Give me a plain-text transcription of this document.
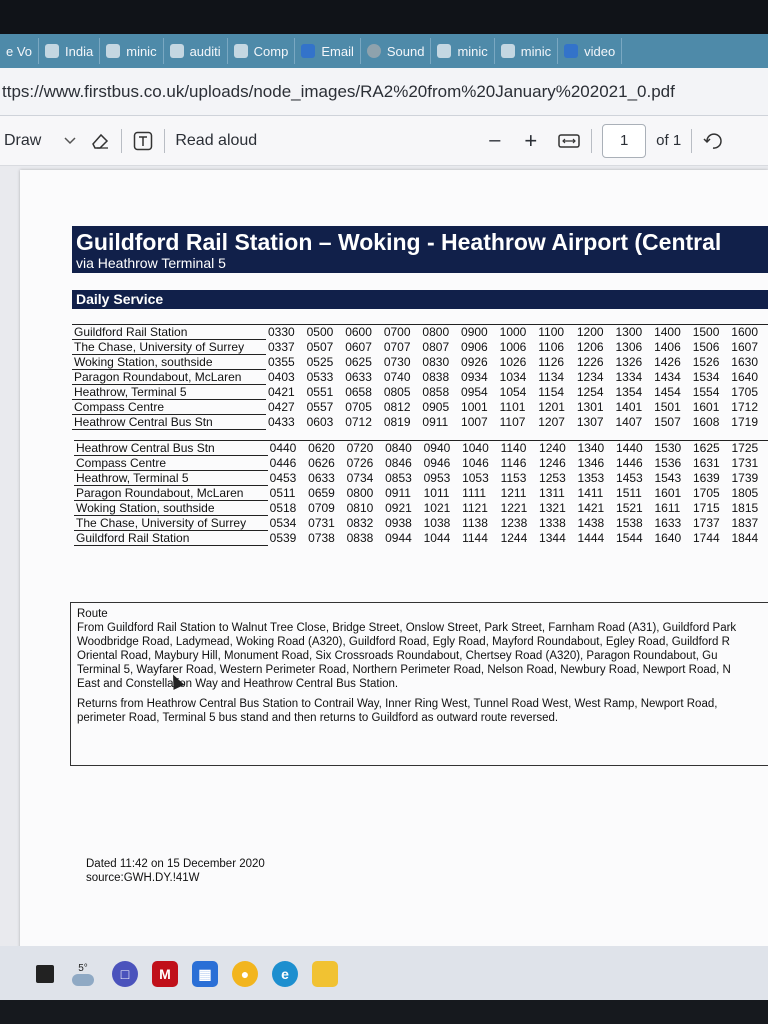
e Vo	India	minic	auditi	Comp	Email	Sound	minic	minic	video
ttps://www.firstbus.co.uk/uploads/node_images/RA2%20from%20January%202021_0.pdf
Draw	Read aloud	– +	1 of 1
Guildford Rail Station – Woking - Heathrow Airport (Central
via Heathrow Terminal 5
Daily Service
Guildford Rail Station	0330	0500	0600	0700	0800	0900	1000	1100	1200	1300	1400	1500	1600
The Chase, University of Surrey	0337	0507	0607	0707	0807	0906	1006	1106	1206	1306	1406	1506	1607
Woking Station, southside	0355	0525	0625	0730	0830	0926	1026	1126	1226	1326	1426	1526	1630
Paragon Roundabout, McLaren	0403	0533	0633	0740	0838	0934	1034	1134	1234	1334	1434	1534	1640
Heathrow, Terminal 5	0421	0551	0658	0805	0858	0954	1054	1154	1254	1354	1454	1554	1705
Compass Centre	0427	0557	0705	0812	0905	1001	1101	1201	1301	1401	1501	1601	1712
Heathrow Central Bus Stn	0433	0603	0712	0819	0911	1007	1107	1207	1307	1407	1507	1608	1719
Heathrow Central Bus Stn	0440	0620	0720	0840	0940	1040	1140	1240	1340	1440	1530	1625	1725
Compass Centre	0446	0626	0726	0846	0946	1046	1146	1246	1346	1446	1536	1631	1731
Heathrow, Terminal 5	0453	0633	0734	0853	0953	1053	1153	1253	1353	1453	1543	1639	1739
Paragon Roundabout, McLaren	0511	0659	0800	0911	1011	1111	1211	1311	1411	1511	1601	1705	1805
Woking Station, southside	0518	0709	0810	0921	1021	1121	1221	1321	1421	1521	1611	1715	1815
The Chase, University of Surrey	0534	0731	0832	0938	1038	1138	1238	1338	1438	1538	1633	1737	1837
Guildford Rail Station	0539	0738	0838	0944	1044	1144	1244	1344	1444	1544	1640	1744	1844

Route

From Guildford Rail Station to Walnut Tree Close, Bridge Street, Onslow Street, Park Street, Farnham Road (A31), Guildford Park

Woodbridge Road, Ladymead, Woking Road (A320), Guildford Road, Egly Road, Mayford Roundabout, Egley Road, Guildford R

Oriental Road, Maybury Hill, Monument Road, Six Crossroads Roundabout, Chertsey Road (A320), Paragon Roundabout, Gu

Terminal 5, Wayfarer Road, Western Perimeter Road, Northern Perimeter Road, Nelson Road, Newbury Road, Newport Road, N

East and Constellation Way and Heathrow Central Bus Station.

Returns from Heathrow Central Bus Station to Contrail Way, Inner Ring West, Tunnel Road West, West Ramp, Newport Road,

perimeter Road, Terminal 5 bus stand and then returns to Guildford as outward route reversed.

Dated 11:42 on 15 December 2020

source:GWH.DY.!41W

5°	□	M	▦	●	e
